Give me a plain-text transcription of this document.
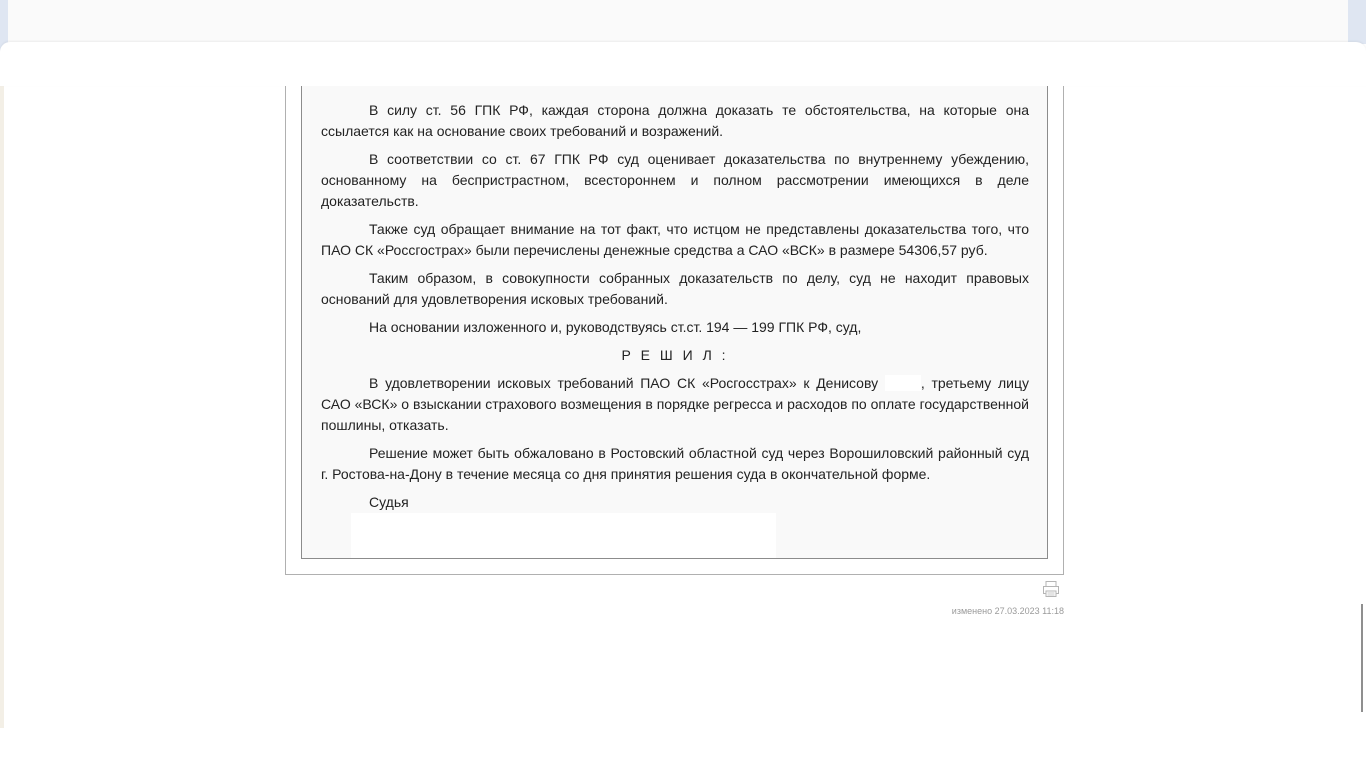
В силу ст. 56 ГПК РФ, каждая сторона должна доказать те обстоятельства, на которые она ссылается как на основание своих требований и возражений.

В соответствии со ст. 67 ГПК РФ суд оценивает доказательства по внутреннему убеждению, основанному на беспристрастном, всестороннем и полном рассмотрении имеющихся в деле доказательств.

Также суд обращает внимание на тот факт, что истцом не представлены доказательства того, что ПАО СК «Россгострах» были перечислены денежные средства а САО «ВСК» в размере 54306,57 руб.

Таким образом, в совокупности собранных доказательств по делу, суд не находит правовых оснований для удовлетворения исковых требований.

На основании изложенного и, руководствуясь ст.ст. 194 — 199 ГПК РФ, суд,

Р Е Ш И Л :

В удовлетворении исковых требований ПАО СК «Росгосстрах» к Денисову	, третьему лицу САО «ВСК» о взыскании страхового возмещения в порядке регресса и расходов по оплате государственной пошлины, отказать.

Решение может быть обжаловано в Ростовский областной суд через Ворошиловский районный суд г. Ростова-на-Дону в течение месяца со дня принятия решения суда в окончательной форме.

Судья

изменено 27.03.2023 11:18
